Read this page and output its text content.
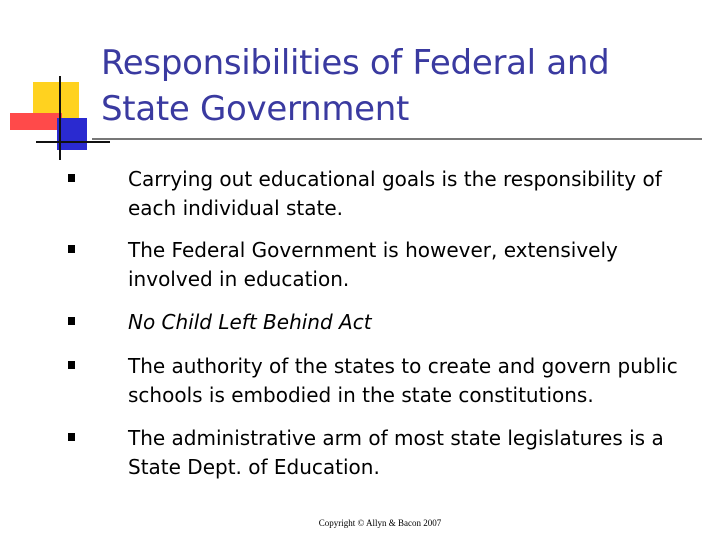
Responsibilities of Federal and State Government
Carrying out educational goals is the responsibility of each individual state.
The Federal Government is however, extensively involved in education.
No Child Left Behind Act
The authority of the states to create and govern public schools is embodied in the state constitutions.
The administrative arm of most state legislatures is a State Dept. of Education.
Copyright © Allyn & Bacon 2007
